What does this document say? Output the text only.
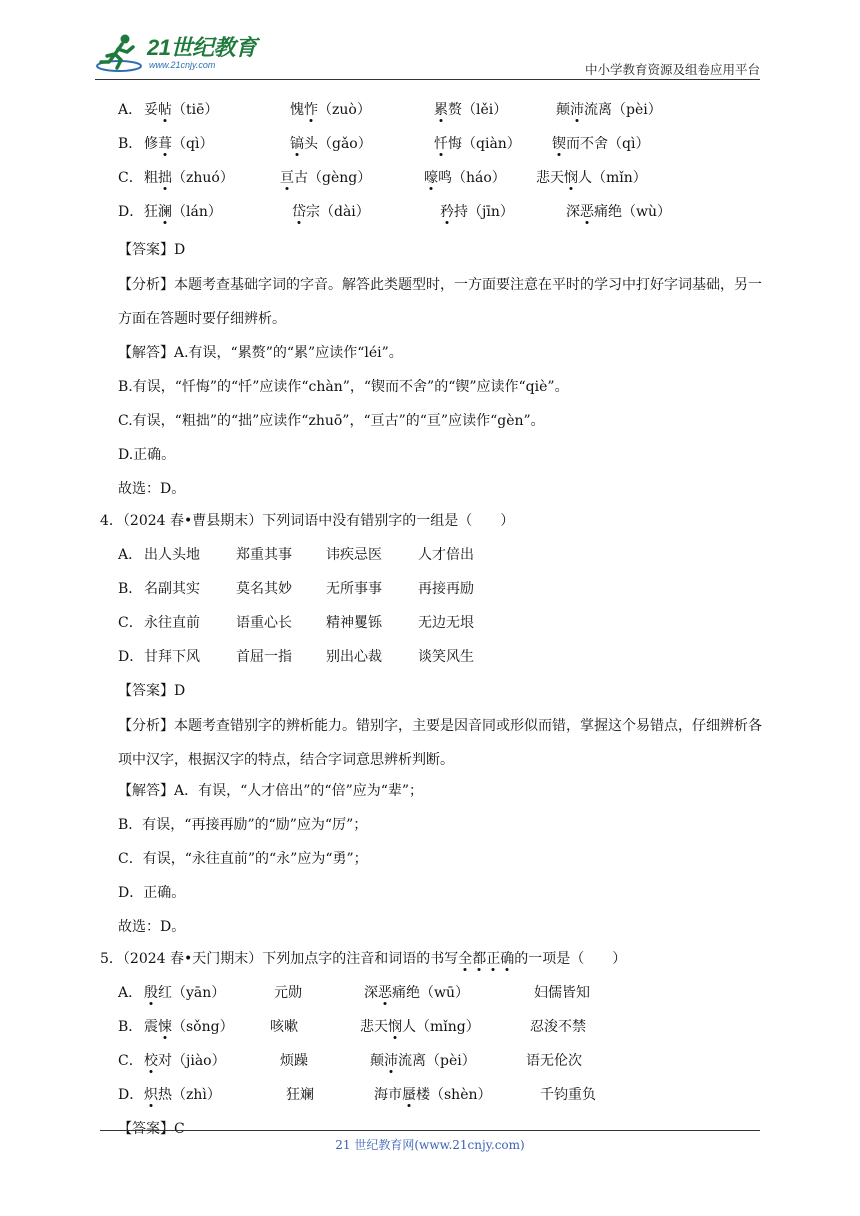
21世纪教育
www.21cnjy.com	中小学教育资源及组卷应用平台
A． 妥帖（tiē）	愧怍（zuò）	累赘（lěi）	颠沛流离（pèi）
B． 修葺（qì）	镐头（gǎo）	忏悔（qiàn） 锲而不舍（qì）
C． 粗拙（zhuó）	亘古（gèng）	嚎鸣（háo） 悲天悯人（mǐn）
D． 狂澜（lán）	岱宗（dài）	矜持（jīn）	深恶痛绝（wù）
【答案】D
【分析】本题考查基础字词的字音。解答此类题型时，一方面要注意在平时的学习中打好字词基础，另一方面在答题时要仔细辨析。
【解答】A.有误，“累赘”的“累”应读作“léi”。
B.有误，“忏悔”的“忏”应读作“chàn”，“锲而不舍”的“锲”应读作“qiè”。
C.有误，“粗拙”的“拙”应读作“zhuō”，“亘古”的“亘”应读作“gèn”。
D.正确。
故选：D。
4．（2024 春•曹县期末）下列词语中没有错别字的一组是（　　）
A． 出人头地	郑重其事 讳疾忌医	人才倍出
B． 名副其实	莫名其妙 无所事事	再接再励
C． 永往直前	语重心长 精神矍铄	无边无垠
D． 甘拜下风	首屈一指 别出心裁	谈笑风生
【答案】D
【分析】本题考查错别字的辨析能力。错别字，主要是因音同或形似而错，掌握这个易错点，仔细辨析各项中汉字，根据汉字的特点，结合字词意思辨析判断。
【解答】A．有误，“人才倍出”的“倍”应为“辈”；
B．有误，“再接再励”的“励”应为“厉”；
C．有误，“永往直前”的“永”应为“勇”；
D．正确。
故选：D。
5．（2024 春•天门期末）下列加点字的注音和词语的书写全都正确的一项是（　　）
A． 殷红（yān）	元勋	深恶痛绝（wū）	妇儒皆知
B． 震悚（sǒng）	咳嗽	悲天悯人（mǐng）	忍浚不禁
C． 校对（jiào）	烦躁	颠沛流离（pèi）	语无伦次
D． 炽热（zhì）	狂斓	海市蜃楼（shèn）	千钧重负
【答案】C
21 世纪教育网(www.21cnjy.com)
